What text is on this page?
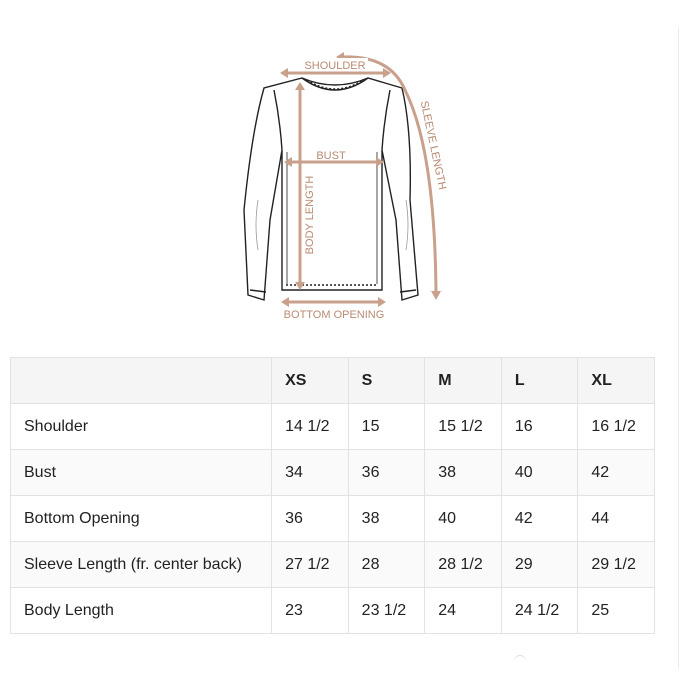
SHOULDER
BUST
BODY LENGTH
SLEEVE LENGTH
BOTTOM OPENING
	XS	S	M	L	XL
Shoulder	14 1/2	15	15 1/2	16	16 1/2
Bust	34	36	38	40	42
Bottom Opening	36	38	40	42	44
Sleeve Length (fr. center back)	27 1/2	28	28 1/2	29	29 1/2
Body Length	23	23 1/2	24	24 1/2	25
